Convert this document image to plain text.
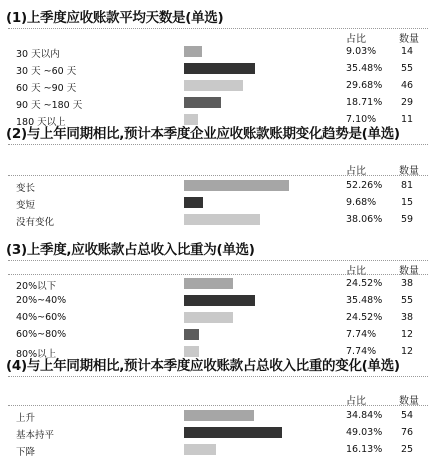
(1)上季度应收账款平均天数是(单选)
占比	数量
30 天以内	9.03%	14
30 天 ~60 天	35.48% 55
60 天 ~90 天	29.68% 46
90 天 ~180 天	18.71% 29
180 天以上	7.10%	11
(2)与上年同期相比,预计本季度企业应收账款账期变化趋势是(单选)
占比	数量
变长	52.26% 81
变短	9.68%	15
没有变化	38.06% 59
(3)上季度,应收账款占总收入比重为(单选)
占比	数量
20%以下	24.52% 38
20%~40%	35.48% 55
40%~60%	24.52% 38
60%~80%	7.74%	12
80%以上	7.74%	12
(4)与上年同期相比,预计本季度应收账款占总收入比重的变化(单选)
占比	数量
上升	34.84% 54
基本持平	49.03% 76
下降	16.13% 25
